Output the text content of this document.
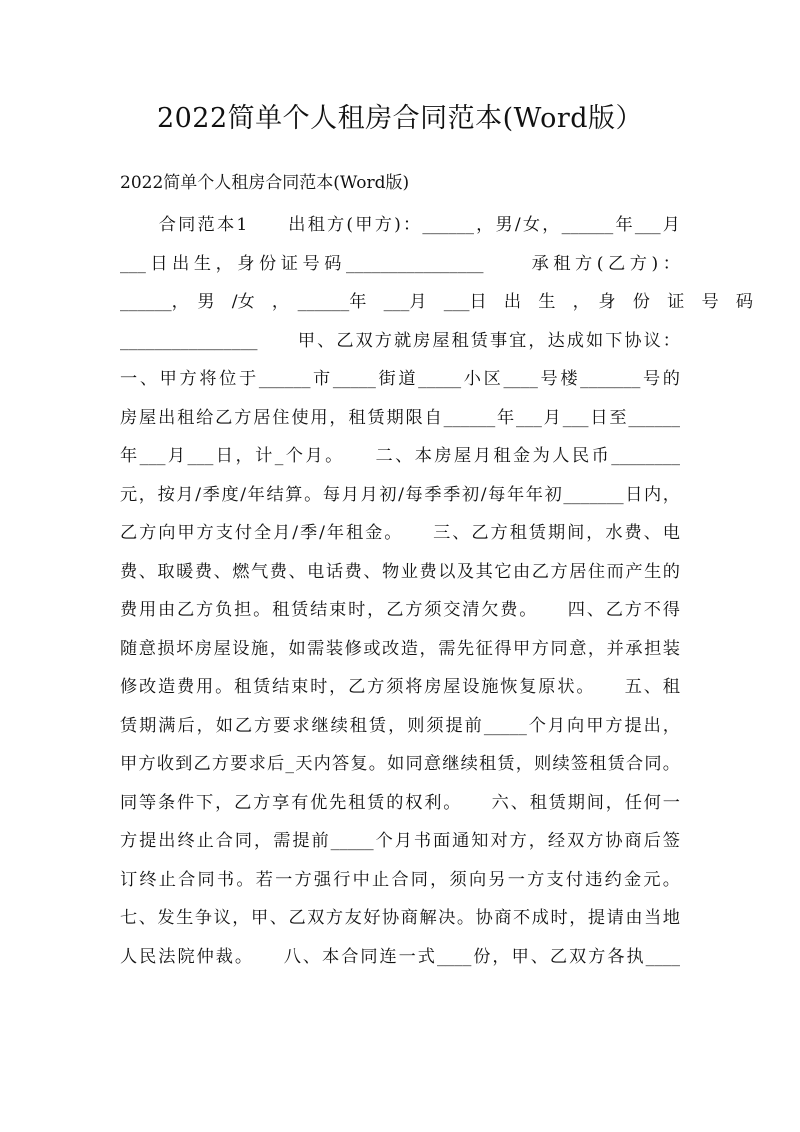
2022简单个人租房合同范本(Word版）
2022简单个人租房合同范本(Word版)
　　合同范本1　　出租方(甲方)：______，男/女，______年___月
___日出生，身份证号码________________　　承租方(乙方)：
______，　男　/女　，　______年　___月　___日　出　生　，　身　份　证　号　码
________________　　甲、乙双方就房屋租赁事宜，达成如下协议：
一、甲方将位于______市_____街道_____小区____号楼_______号的
房屋出租给乙方居住使用，租赁期限自______年___月___日至______
年___月___日，计_个月。　　二、本房屋月租金为人民币________
元，按月/季度/年结算。每月月初/每季季初/每年年初_______日内，
乙方向甲方支付全月/季/年租金。　　三、乙方租赁期间，水费、电
费、取暖费、燃气费、电话费、物业费以及其它由乙方居住而产生的
费用由乙方负担。租赁结束时，乙方须交清欠费。　　四、乙方不得
随意损坏房屋设施，如需装修或改造，需先征得甲方同意，并承担装
修改造费用。租赁结束时，乙方须将房屋设施恢复原状。　　五、租
赁期满后，如乙方要求继续租赁，则须提前_____个月向甲方提出，
甲方收到乙方要求后_天内答复。如同意继续租赁，则续签租赁合同。
同等条件下，乙方享有优先租赁的权利。　　六、租赁期间，任何一
方提出终止合同，需提前_____个月书面通知对方，经双方协商后签
订终止合同书。若一方强行中止合同，须向另一方支付违约金元。
七、发生争议，甲、乙双方友好协商解决。协商不成时，提请由当地
人民法院仲裁。　　八、本合同连一式____份，甲、乙双方各执____
